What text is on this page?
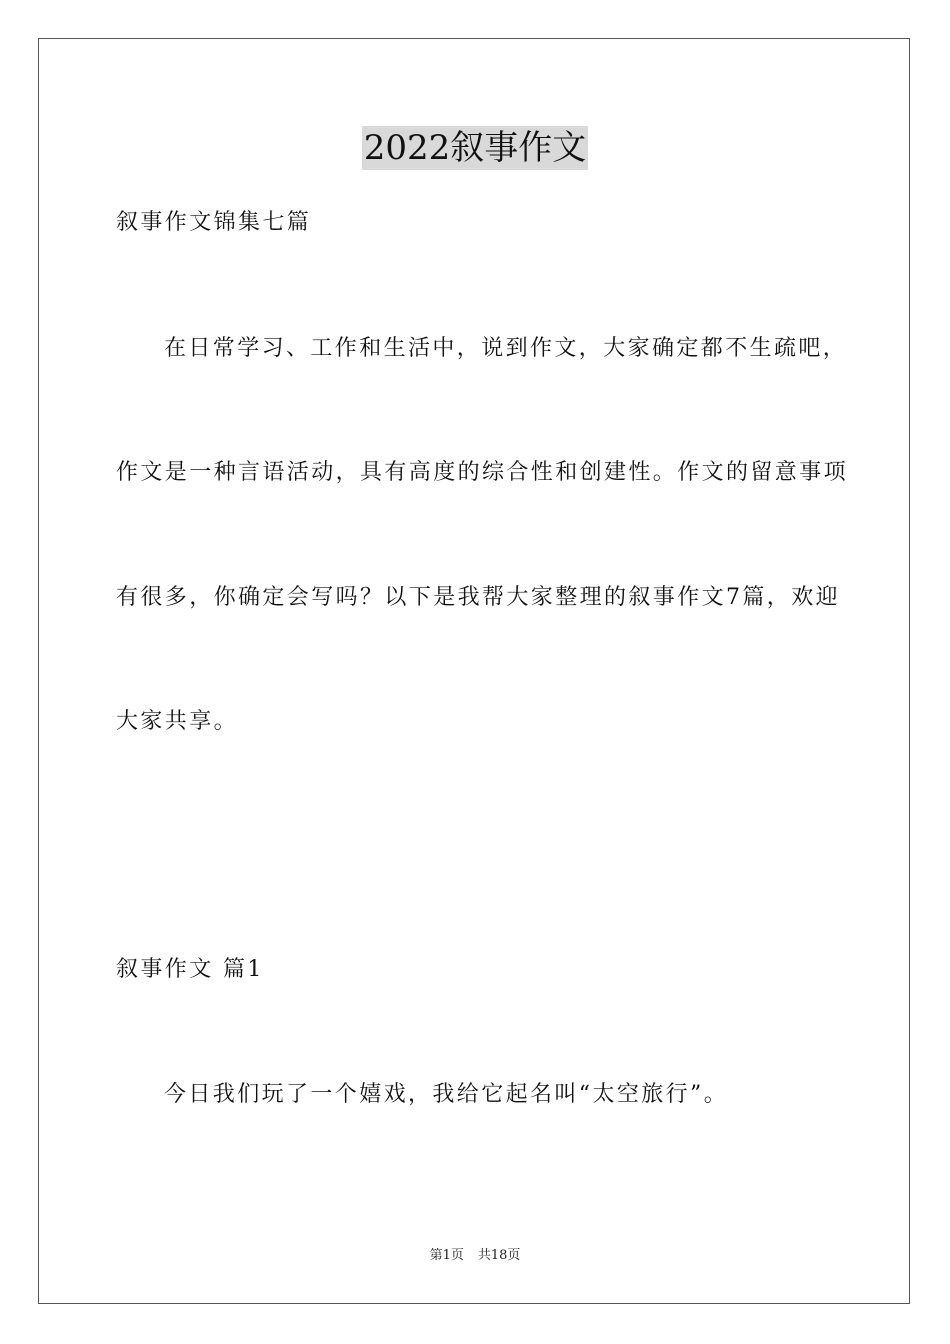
2022叙事作文
叙事作文锦集七篇
在日常学习、工作和生活中，说到作文，大家确定都不生疏吧，
作文是一种言语活动，具有高度的综合性和创建性。作文的留意事项
有很多，你确定会写吗？以下是我帮大家整理的叙事作文7篇，欢迎
大家共享。
叙事作文 篇1
今日我们玩了一个嬉戏，我给它起名叫“太空旅行”。
第1页 共18页
